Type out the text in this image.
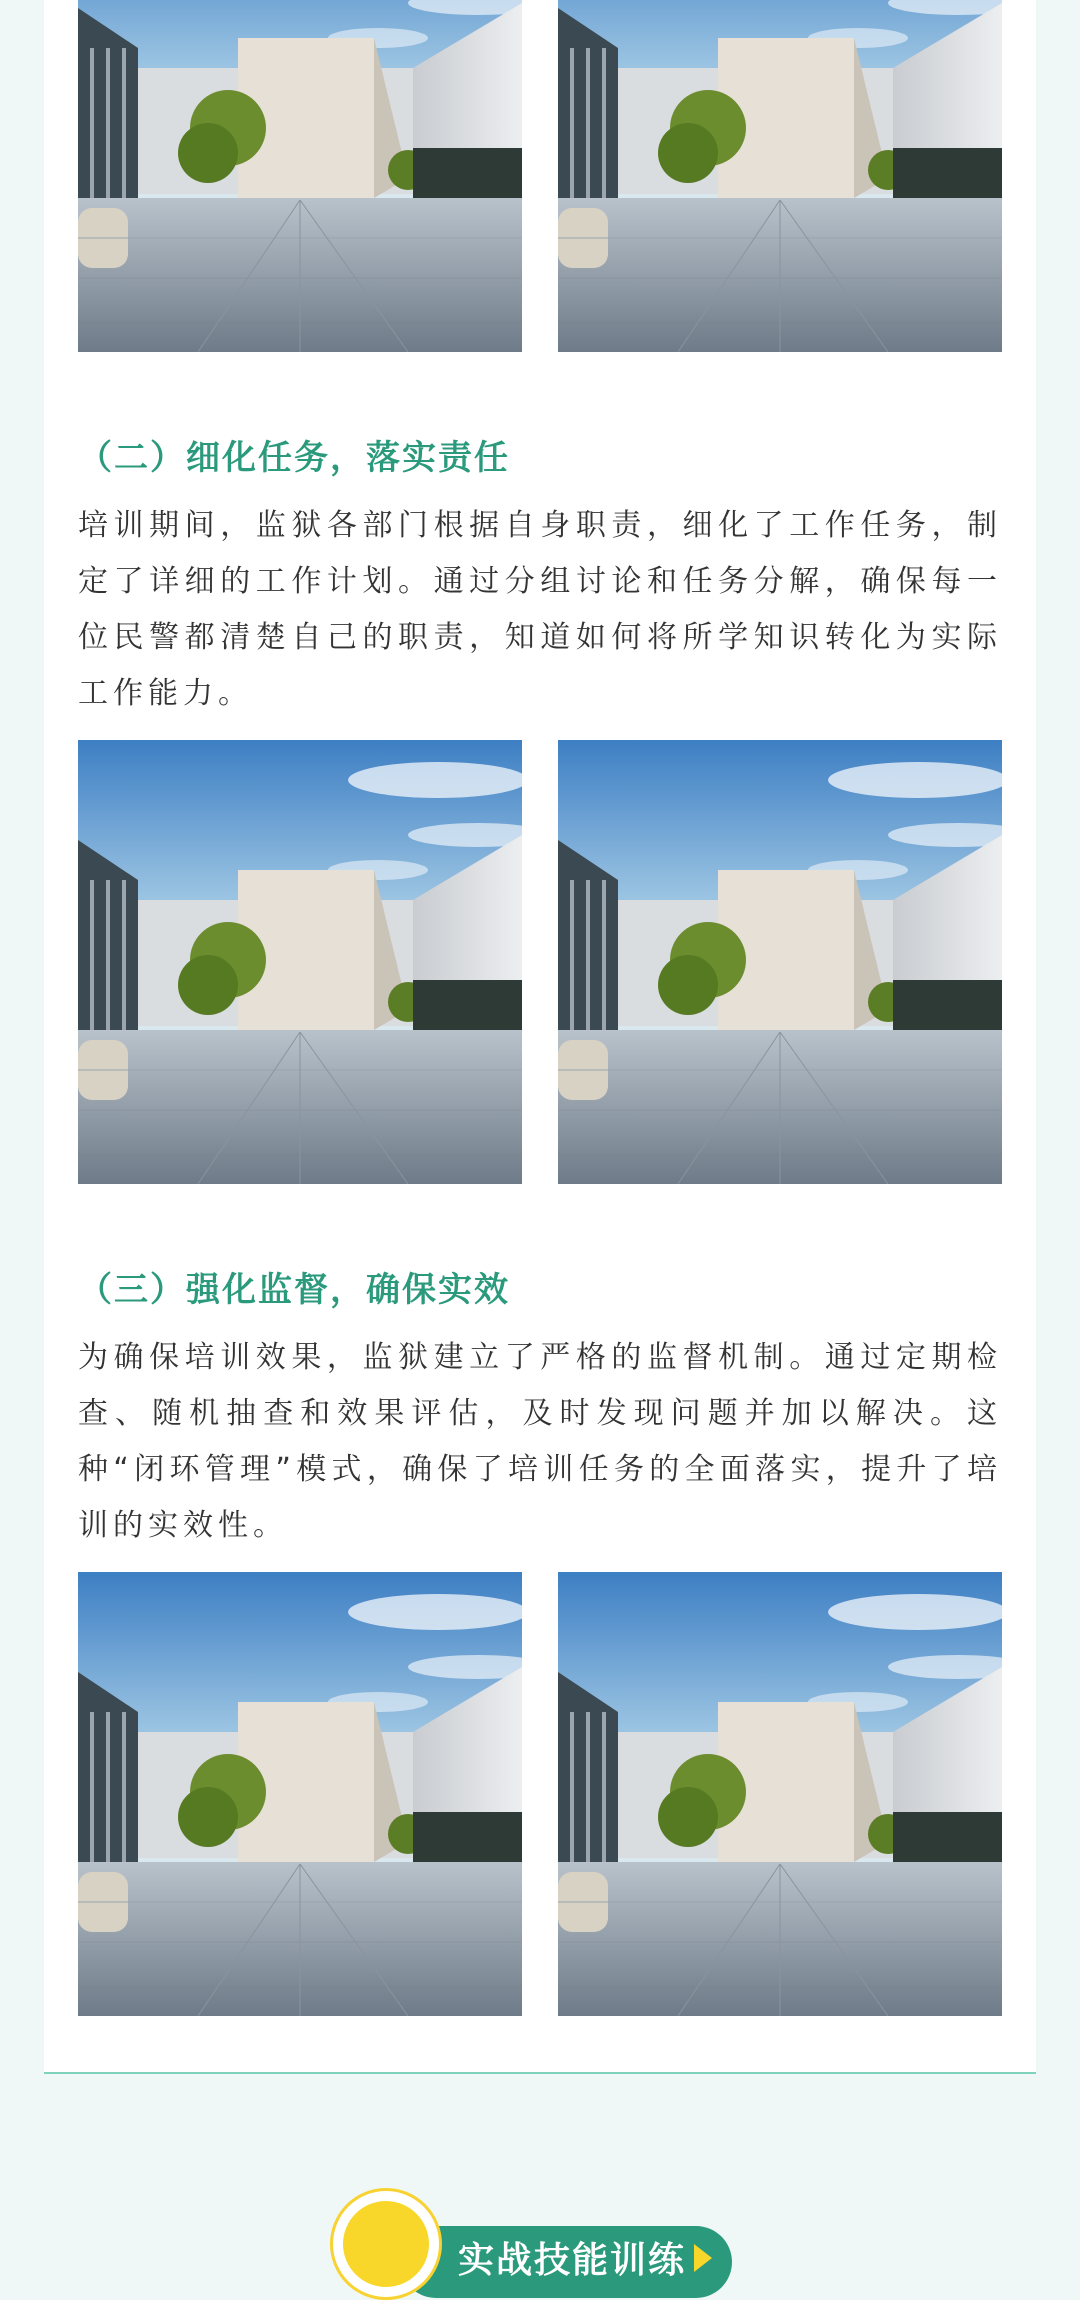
（二）细化任务，落实责任

培训期间，监狱各部门根据自身职责，细化了工作任务，制定了详细的工作计划。通过分组讨论和任务分解，确保每一位民警都清楚自己的职责，知道如何将所学知识转化为实际工作能力。

（三）强化监督，确保实效

为确保培训效果，监狱建立了严格的监督机制。通过定期检查、随机抽查和效果评估，及时发现问题并加以解决。这种“闭环管理”模式，确保了培训任务的全面落实，提升了培训的实效性。

实战技能训练
